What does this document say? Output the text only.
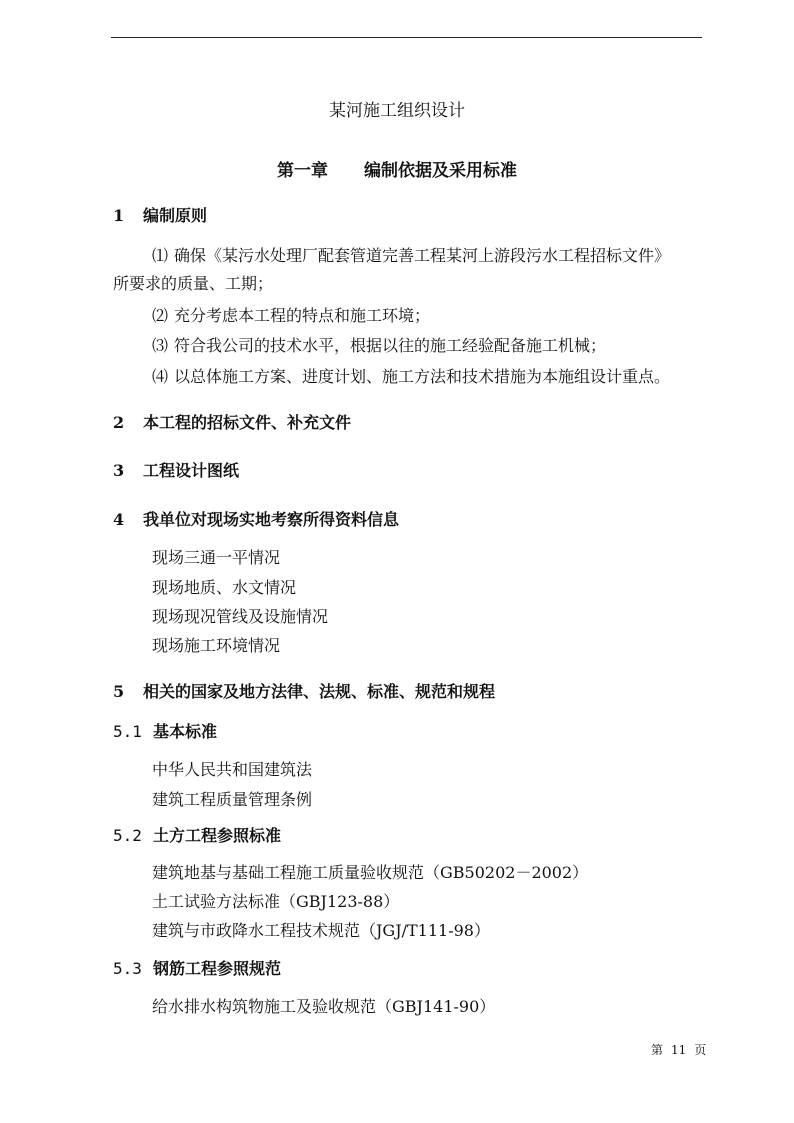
某河施工组织设计
第一章 编制依据及采用标准
1 编制原则
⑴ 确保《某污水处理厂配套管道完善工程某河上游段污水工程招标文件》
所要求的质量、工期；
⑵ 充分考虑本工程的特点和施工环境；
⑶ 符合我公司的技术水平，根据以往的施工经验配备施工机械；
⑷ 以总体施工方案、进度计划、施工方法和技术措施为本施组设计重点。
2 本工程的招标文件、补充文件
3 工程设计图纸
4 我单位对现场实地考察所得资料信息
现场三通一平情况
现场地质、水文情况
现场现况管线及设施情况
现场施工环境情况
5 相关的国家及地方法律、法规、标准、规范和规程
5.1 基本标准
中华人民共和国建筑法
建筑工程质量管理条例
5.2 土方工程参照标准
建筑地基与基础工程施工质量验收规范（GB50202－2002）
土工试验方法标准（GBJ123-88）
建筑与市政降水工程技术规范（JGJ/T111-98）
5.3 钢筋工程参照规范
给水排水构筑物施工及验收规范（GBJ141-90）
第 11 页
